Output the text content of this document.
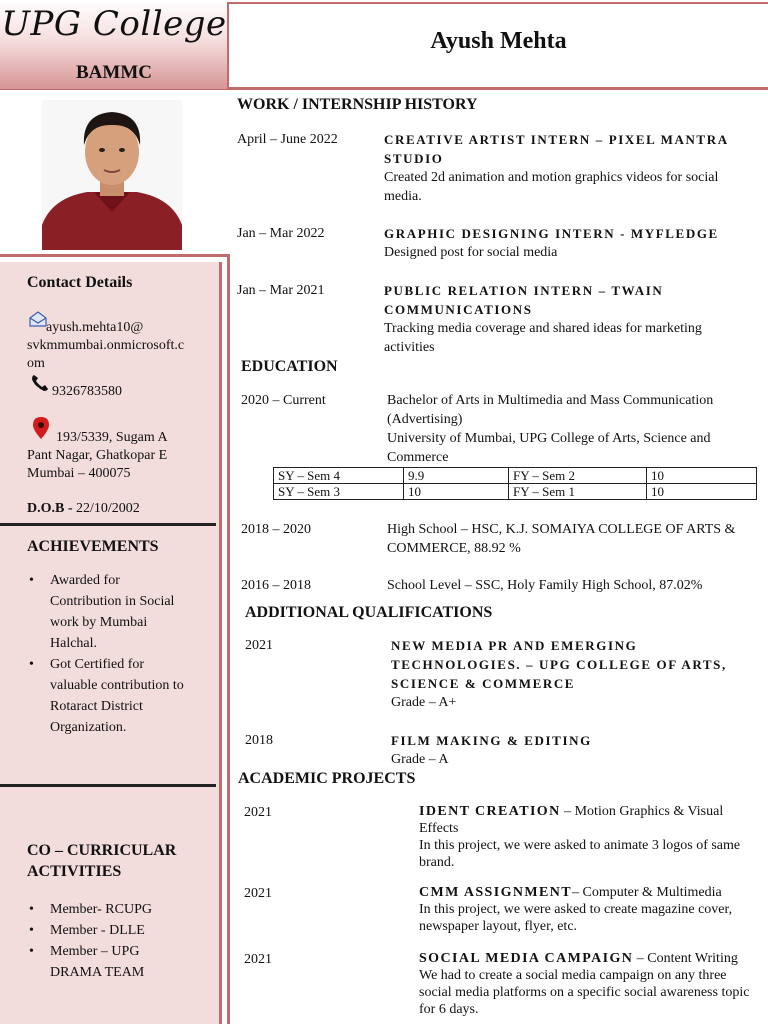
UPG College
BAMMC
Ayush Mehta
Contact Details
ayush.mehta10@
svkmmumbai.onmicrosoft.c
om
9326783580
193/5339, Sugam A
Pant Nagar, Ghatkopar E
Mumbai – 400075
D.O.B - 22/10/2002
ACHIEVEMENTS
• Awarded for
Contribution in Social
work by Mumbai
Halchal.
• Got Certified for
valuable contribution to
Rotaract District
Organization.
CO – CURRICULAR
ACTIVITIES
• Member- RCUPG
• Member - DLLE
• Member – UPG
DRAMA TEAM
WORK / INTERNSHIP HISTORY
April – June 2022	CREATIVE ARTIST INTERN – PIXEL MANTRA
STUDIO
Created 2d animation and motion graphics videos for social
media.
Jan – Mar 2022	GRAPHIC DESIGNING INTERN - MYFLEDGE
Designed post for social media
Jan – Mar 2021	PUBLIC RELATION INTERN – TWAIN
COMMUNICATIONS
Tracking media coverage and shared ideas for marketing
activities
EDUCATION
2020 – Current	Bachelor of Arts in Multimedia and Mass Communication
(Advertising)
University of Mumbai, UPG College of Arts, Science and
Commerce
SY – Sem 4	9.9	FY – Sem 2	10
SY – Sem 3	10	FY – Sem 1	10
2018 – 2020	High School – HSC, K.J. SOMAIYA COLLEGE OF ARTS &
COMMERCE, 88.92 %
2016 – 2018	School Level – SSC, Holy Family High School, 87.02%
ADDITIONAL QUALIFICATIONS
2021	NEW MEDIA PR AND EMERGING
TECHNOLOGIES. – UPG COLLEGE OF ARTS,
SCIENCE & COMMERCE
Grade – A+
2018	FILM MAKING & EDITING
Grade – A
ACADEMIC PROJECTS
2021	IDENT CREATION – Motion Graphics & Visual
Effects
In this project, we were asked to animate 3 logos of same
brand.
2021	CMM ASSIGNMENT– Computer & Multimedia
In this project, we were asked to create magazine cover,
newspaper layout, flyer, etc.
2021	SOCIAL MEDIA CAMPAIGN – Content Writing
We had to create a social media campaign on any three
social media platforms on a specific social awareness topic
for 6 days.
